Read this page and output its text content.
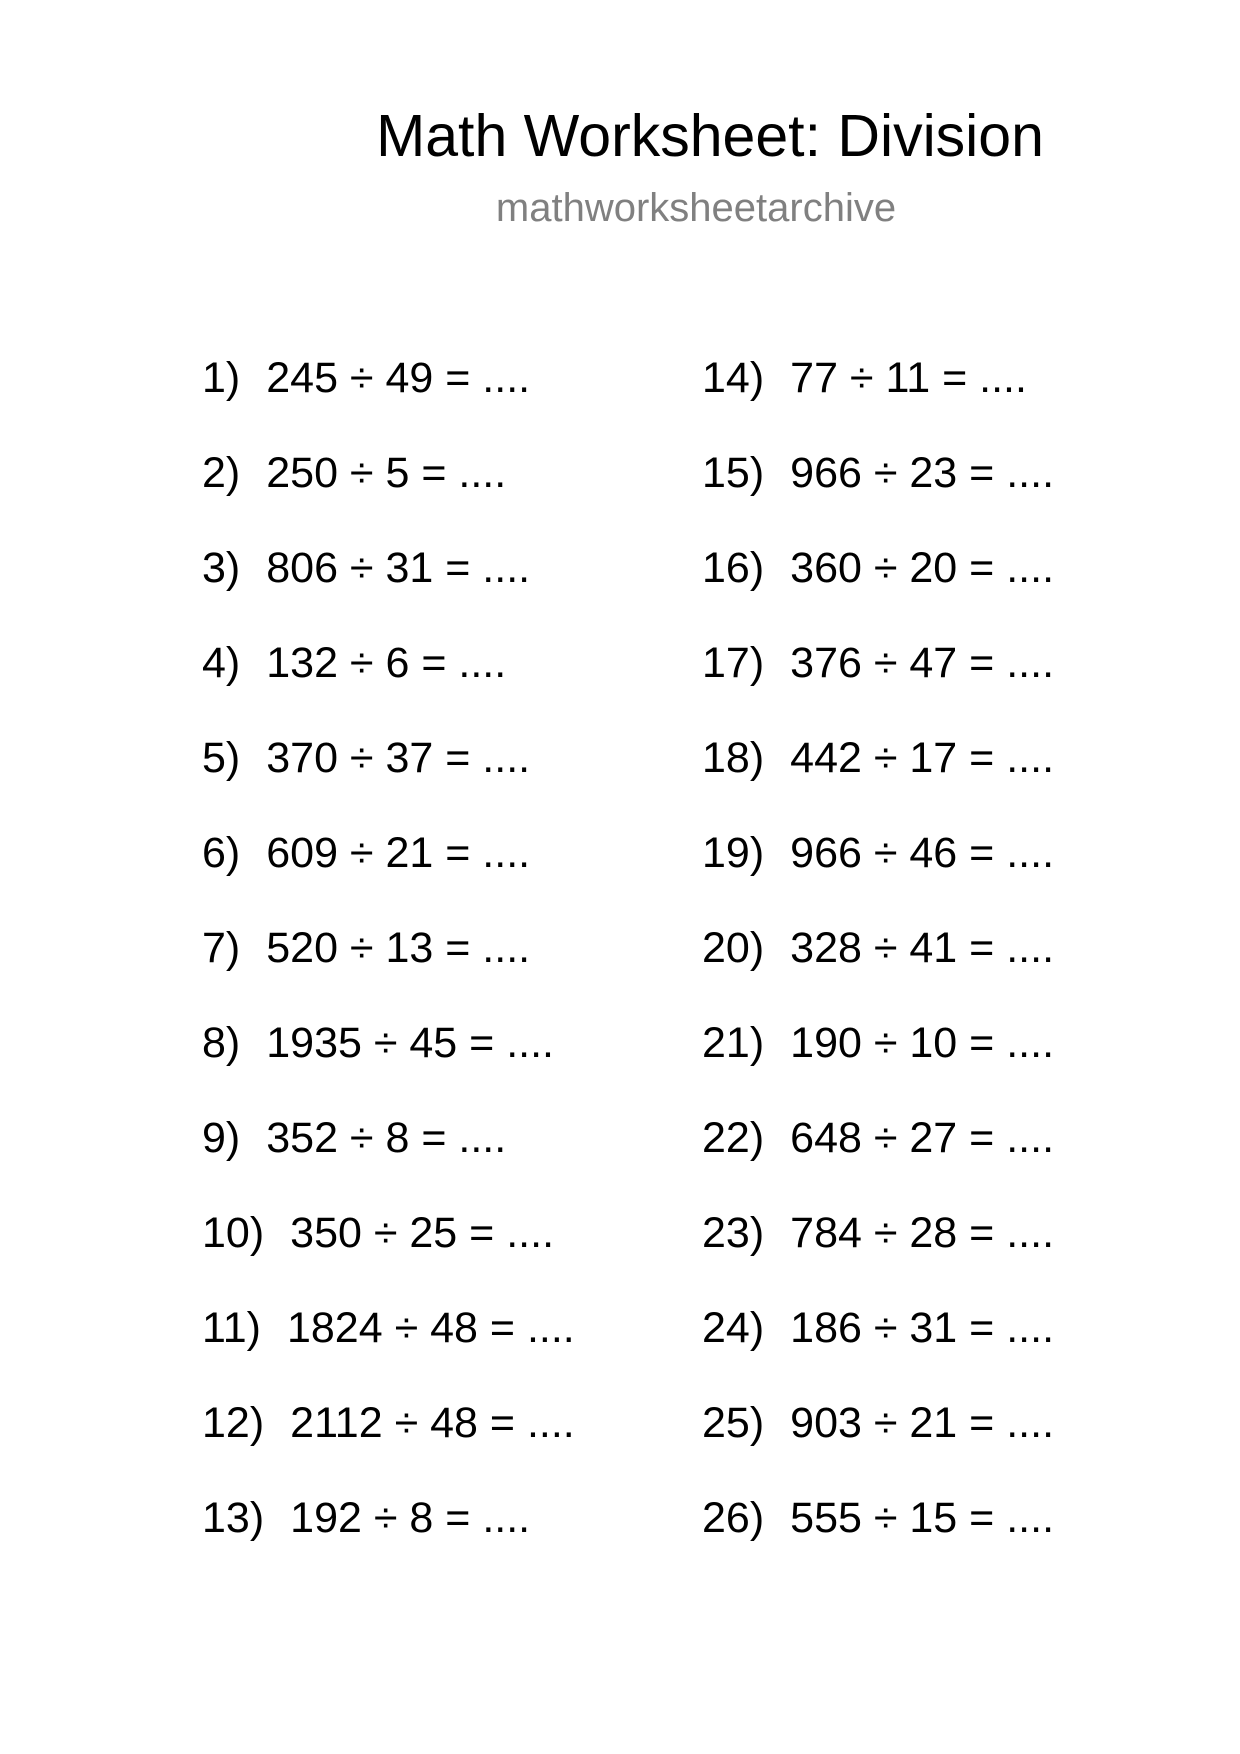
Math Worksheet: Division
mathworksheetarchive
1) 245 ÷ 49 = ....
2) 250 ÷ 5 = ....
3) 806 ÷ 31 = ....
4) 132 ÷ 6 = ....
5) 370 ÷ 37 = ....
6) 609 ÷ 21 = ....
7) 520 ÷ 13 = ....
8) 1935 ÷ 45 = ....
9) 352 ÷ 8 = ....
10) 350 ÷ 25 = ....
11) 1824 ÷ 48 = ....
12) 2112 ÷ 48 = ....
13) 192 ÷ 8 = ....
14) 77 ÷ 11 = ....
15) 966 ÷ 23 = ....
16) 360 ÷ 20 = ....
17) 376 ÷ 47 = ....
18) 442 ÷ 17 = ....
19) 966 ÷ 46 = ....
20) 328 ÷ 41 = ....
21) 190 ÷ 10 = ....
22) 648 ÷ 27 = ....
23) 784 ÷ 28 = ....
24) 186 ÷ 31 = ....
25) 903 ÷ 21 = ....
26) 555 ÷ 15 = ....
